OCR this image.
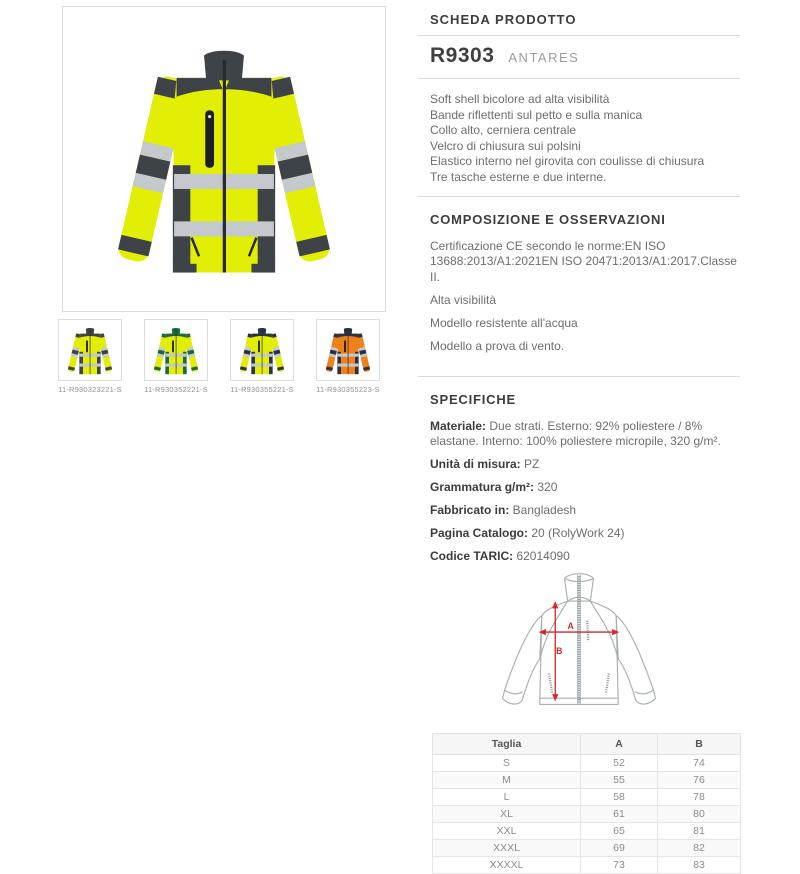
11-R930323221-S	11-R930352221-S	11-R930355221-S	11-R930355223-S
SCHEDA PRODOTTO
R9303 ANTARES

Soft shell bicolore ad alta visibilità

Bande riflettenti sul petto e sulla manica

Collo alto, cerniera centrale

Velcro di chiusura sui polsini

Elastico interno nel girovita con coulisse di chiusura

Tre tasche esterne e due interne.

COMPOSIZIONE E OSSERVAZIONI

Certificazione CE secondo le norme:EN ISO 13688:2013/A1:2021EN ISO 20471:2013/A1:2017.Classe II.

Alta visibilità

Modello resistente all'acqua

Modello a prova di vento.

SPECIFICHE

Materiale: Due strati. Esterno: 92% poliestere / 8% elastane. Interno: 100% poliestere micropile, 320 g/m².

Unità di misura: PZ

Grammatura g/m²: 320

Fabbricato in: Bangladesh

Pagina Catalogo: 20 (RolyWork 24)

Codice TARIC: 62014090

A
B
Taglia	A	B
S	52	74
M	55	76
L	58	78
XL	61	80
XXL	65	81
XXXL	69	82
XXXXL	73	83
